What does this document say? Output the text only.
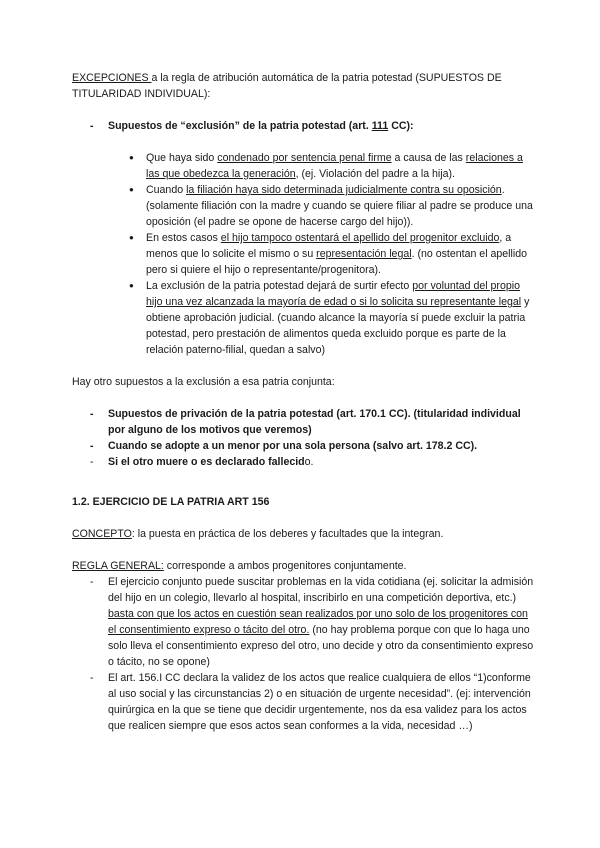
EXCEPCIONES a la regla de atribución automática de la patria potestad (SUPUESTOS DE TITULARIDAD INDIVIDUAL):

- Supuestos de “exclusión” de la patria potestad (art. 111 CC):
● Que haya sido condenado por sentencia penal firme a causa de las relaciones a las que obedezca la generación, (ej. Violación del padre a la hija).
● Cuando la filiación haya sido determinada judicialmente contra su oposición. (solamente filiación con la madre y cuando se quiere filiar al padre se produce una oposición (el padre se opone de hacerse cargo del hijo)).
● En estos casos el hijo tampoco ostentará el apellido del progenitor excluido, a menos que lo solicite el mismo o su representación legal. (no ostentan el apellido pero si quiere el hijo o representante/progenitora).
● La exclusión de la patria potestad dejará de surtir efecto por voluntad del propio hijo una vez alcanzada la mayoría de edad o si lo solicita su representante legal y obtiene aprobación judicial. (cuando alcance la mayoría sí puede excluir la patria potestad, pero prestación de alimentos queda excluido porque es parte de la relación paterno-filial, quedan a salvo)

Hay otro supuestos a la exclusión a esa patria conjunta:

- Supuestos de privación de la patria potestad (art. 170.1 CC). (titularidad individual por alguno de los motivos que veremos)
- Cuando se adopte a un menor por una sola persona (salvo art. 178.2 CC).
- Si el otro muere o es declarado fallecido.

1.2. EJERCICIO DE LA PATRIA ART 156

CONCEPTO: la puesta en práctica de los deberes y facultades que la integran.

REGLA GENERAL: corresponde a ambos progenitores conjuntamente.

- El ejercicio conjunto puede suscitar problemas en la vida cotidiana (ej. solicitar la admisión del hijo en un colegio, llevarlo al hospital, inscribirlo en una competición deportiva, etc.) basta con que los actos en cuestión sean realizados por uno solo de los progenitores con el consentimiento expreso o tácito del otro. (no hay problema porque con que lo haga uno solo lleva el consentimiento expreso del otro, uno decide y otro da consentimiento expreso o tácito, no se opone)
- El art. 156.I CC declara la validez de los actos que realice cualquiera de ellos “1)conforme al uso social y las circunstancias 2) o en situación de urgente necesidad”. (ej: intervención quirúrgica en la que se tiene que decidir urgentemente, nos da esa validez para los actos que realicen siempre que esos actos sean conformes a la vida, necesidad …)
